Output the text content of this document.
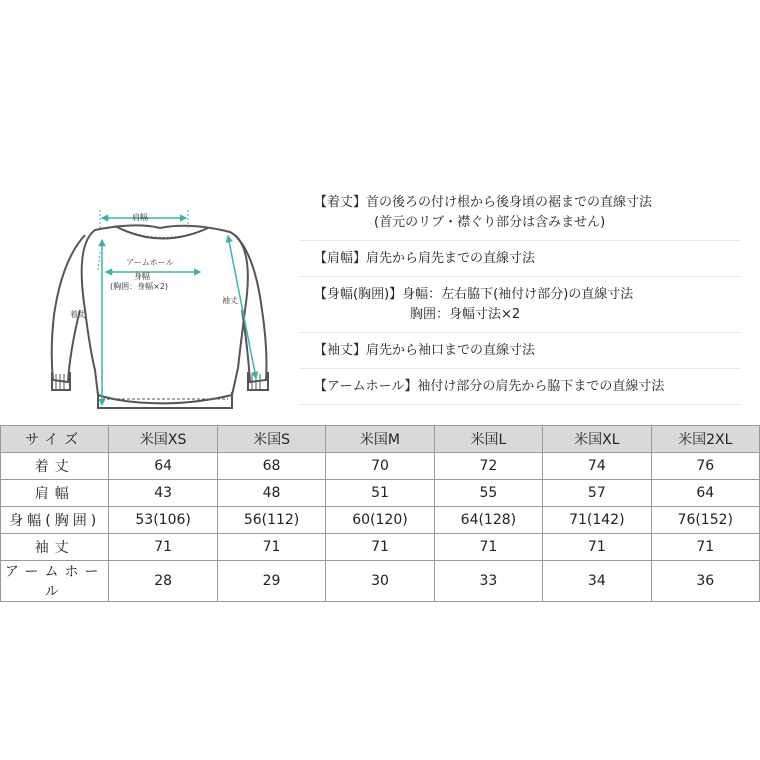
肩幅
アームホール
身幅
(胸囲：身幅×2)
着丈
袖丈
【着丈】首の後ろの付け根から後身頃の裾までの直線寸法
(首元のリブ・襟ぐり部分は含みません)
【肩幅】肩先から肩先までの直線寸法
【身幅(胸囲)】身幅：左右脇下(袖付け部分)の直線寸法
胸囲：身幅寸法×2
【袖丈】肩先から袖口までの直線寸法
【アームホール】袖付け部分の肩先から脇下までの直線寸法
サイズ	米国XS	米国S	米国M	米国L	米国XL	米国2XL
着丈	64	68	70	72	74	76
肩幅	43	48	51	55	57	64
身幅(胸囲)	53(106)	56(112)	60(120)	64(128)	71(142)	76(152)
袖丈	71	71	71	71	71	71
アームホール	28	29	30	33	34	36
